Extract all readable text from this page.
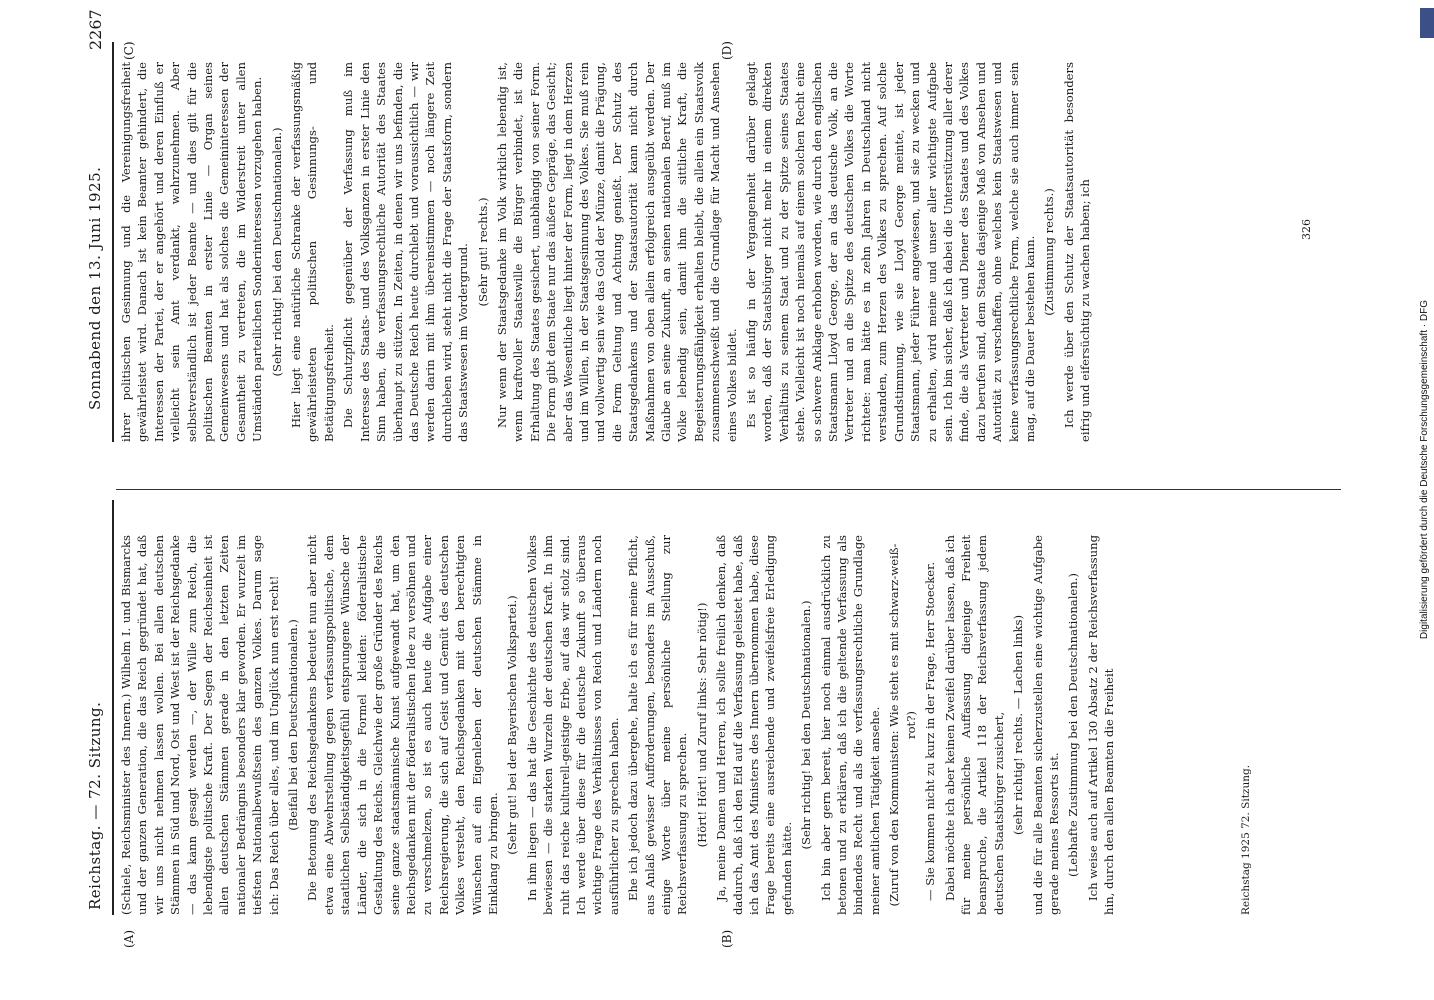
Reichstag. — 72. Sitzung.
Sonnabend den 13. Juni 1925.
2267
(A)	(B)
(C)	(D)

(Schiele, Reichsminister des Innern.) Wilhelm I. und Bismarcks und der ganzen Generation, die das Reich gegründet hat, daß wir uns nicht nehmen lassen wollen. Bei allen deutschen Stämmen in Süd und Nord, Ost und West ist der Reichsgedanke — das kann gesagt werden —, der Wille zum Reich, die lebendigste politische Kraft. Der Segen der Reichseinheit ist allen deutschen Stämmen gerade in den letzten Zeiten nationaler Bedrängnis besonders klar geworden. Er wurzelt im tiefsten Nationalbewußtsein des ganzen Volkes. Darum sage ich: Das Reich über alles, und im Unglück nun erst recht! (Beifall bei den Deutschnationalen.) Die Betonung des Reichsgedankens bedeutet nun aber nicht etwa eine Abwehrstellung gegen verfassungspolitische, dem staatlichen Selbständigkeitsgefühl entsprungene Wünsche der Länder, die sich in die Formel kleiden: föderalistische Gestaltung des Reichs. Gleichwie der große Gründer des Reichs seine ganze staatsmännische Kunst aufgewandt hat, um den Reichsgedanken mit der föderalistischen Idee zu versöhnen und zu verschmelzen, so ist es auch heute die Aufgabe einer Reichsregierung, die sich auf Geist und Gemüt des deutschen Volkes versteht, den Reichsgedanken mit den berechtigten Wünschen auf ein Eigenleben der deutschen Stämme in Einklang zu bringen. (Sehr gut! bei der Bayerischen Volkspartei.) In ihm liegen — das hat die Geschichte des deutschen Volkes bewiesen — die starken Wurzeln der deutschen Kraft. In ihm ruht das reiche kulturell-geistige Erbe, auf das wir stolz sind. Ich werde über diese für die deutsche Zukunft so überaus wichtige Frage des Verhältnisses von Reich und Ländern noch ausführlicher zu sprechen haben. Ehe ich jedoch dazu übergehe, halte ich es für meine Pflicht, aus Anlaß gewisser Aufforderungen, besonders im Ausschuß, einige Worte über meine persönliche Stellung zur Reichsverfassung zu sprechen. (Hört! Hört! und Zuruf links: Sehr nötig!) Ja, meine Damen und Herren, ich sollte freilich denken, daß dadurch, daß ich den Eid auf die Verfassung geleistet habe, daß ich das Amt des Ministers des Innern übernommen habe, diese Frage bereits eine ausreichende und zweifelsfreie Erledigung gefunden hätte.

(Sehr richtig! bei den Deutschnationalen.) Ich bin aber gern bereit, hier noch einmal ausdrücklich zu betonen und zu erklären, daß ich die geltende Verfassung als bindendes Recht und als die verfassungsrechtliche Grundlage meiner amtlichen Tätigkeit ansehe. (Zuruf von den Kommunisten: Wie steht es mit schwarz-weiß-rot?) — Sie kommen nicht zu kurz in der Frage, Herr Stoecker. Dabei möchte ich aber keinen Zweifel darüber lassen, daß ich für meine persönliche Auffassung diejenige Freiheit beanspruche, die Artikel 118 der Reichsverfassung jedem deutschen Staatsbürger zusichert, (sehr richtig! rechts. — Lachen links) und die für alle Beamten sicherzustellen eine wichtige Aufgabe gerade meines Ressorts ist. (Lebhafte Zustimmung bei den Deutschnationalen.) Ich weise auch auf Artikel 130 Absatz 2 der Reichsverfassung hin, durch den allen Beamten die Freiheit

ihrer politischen Gesinnung und die Vereinigungsfreiheit gewährleistet wird. Danach ist kein Beamter gehindert, die Interessen der Partei, der er angehört und deren Einfluß er vielleicht sein Amt verdankt, wahrzunehmen. Aber selbstverständlich ist jeder Beamte — und dies gilt für die politischen Beamten in erster Linie — Organ seines Gemeinwesens und hat als solches die Gemeininteressen der Gesamtheit zu vertreten, die im Widerstreit unter allen Umständen parteilichen Sonderinteressen vorzugehen haben. (Sehr richtig! bei den Deutschnationalen.) Hier liegt eine natürliche Schranke der verfassungsmäßig gewährleisteten politischen Gesinnungs- und Betätigungsfreiheit. Die Schutzpflicht gegenüber der Verfassung muß im Interesse des Staats- und des Volksganzen in erster Linie den Sinn haben, die verfassungsrechtliche Autorität des Staates überhaupt zu stützen. In Zeiten, in denen wir uns befinden, die das Deutsche Reich heute durchlebt und voraussichtlich — wir werden darin mit ihm übereinstimmen — noch längere Zeit durchleben wird, steht nicht die Frage der Staatsform, sondern das Staatswesen im Vordergrund. (Sehr gut! rechts.) Nur wenn der Staatsgedanke im Volk wirklich lebendig ist, wenn kraftvoller Staatswille die Bürger verbindet, ist die Erhaltung des Staates gesichert, unabhängig von seiner Form. Die Form gibt dem Staate nur das äußere Gepräge, das Gesicht; aber das Wesentliche liegt hinter der Form, liegt in dem Herzen und im Willen, in der Staatsgesinnung des Volkes. Sie muß rein und vollwertig sein wie das Gold der Münze, damit die Prägung, die Form Geltung und Achtung genießt. Der Schutz des Staatsgedankens und der Staatsautorität kann nicht durch Maßnahmen von oben allein erfolgreich ausgeübt werden. Der Glaube an seine Zukunft, an seinen nationalen Beruf, muß im Volke lebendig sein, damit ihm die sittliche Kraft, die Begeisterungsfähigkeit erhalten bleibt, die allein ein Staatsvolk zusammenschweißt und die Grundlage für Macht und Ansehen eines Volkes bildet. Es ist so häufig in der Vergangenheit darüber geklagt worden, daß der Staatsbürger nicht mehr in einem direkten Verhältnis zu seinem Staat und zu der Spitze seines Staates stehe. Vielleicht ist noch niemals auf einem solchen Recht eine so schwere Anklage erhoben worden, wie durch den englischen Staatsmann Lloyd George, der an das deutsche Volk, an die Vertreter und an die Spitze des deutschen Volkes die Worte richtete: man hätte es in zehn Jahren in Deutschland nicht verstanden, zum Herzen des Volkes zu sprechen. Auf solche Grundstimmung, wie sie Lloyd George meinte, ist jeder Staatsmann, jeder Führer angewiesen, und sie zu wecken und zu erhalten, wird meine und unser aller wichtigste Aufgabe sein. Ich bin sicher, daß ich dabei die Unterstützung aller derer finde, die als Vertreter und Diener des Staates und des Volkes dazu berufen sind, dem Staate dasjenige Maß von Ansehen und Autorität zu verschaffen, ohne welches kein Staatswesen und keine verfassungsrechtliche Form, welche sie auch immer sein mag, auf die Dauer bestehen kann. (Zustimmung rechts.) Ich werde über den Schutz der Staatsautorität besonders eifrig und eifersüchtig zu wachen haben; ich

Reichstag 1925 72. Sitzung.
326
Digitalisierung gefördert durch die Deutsche Forschungsgemeinschaft · DFG
